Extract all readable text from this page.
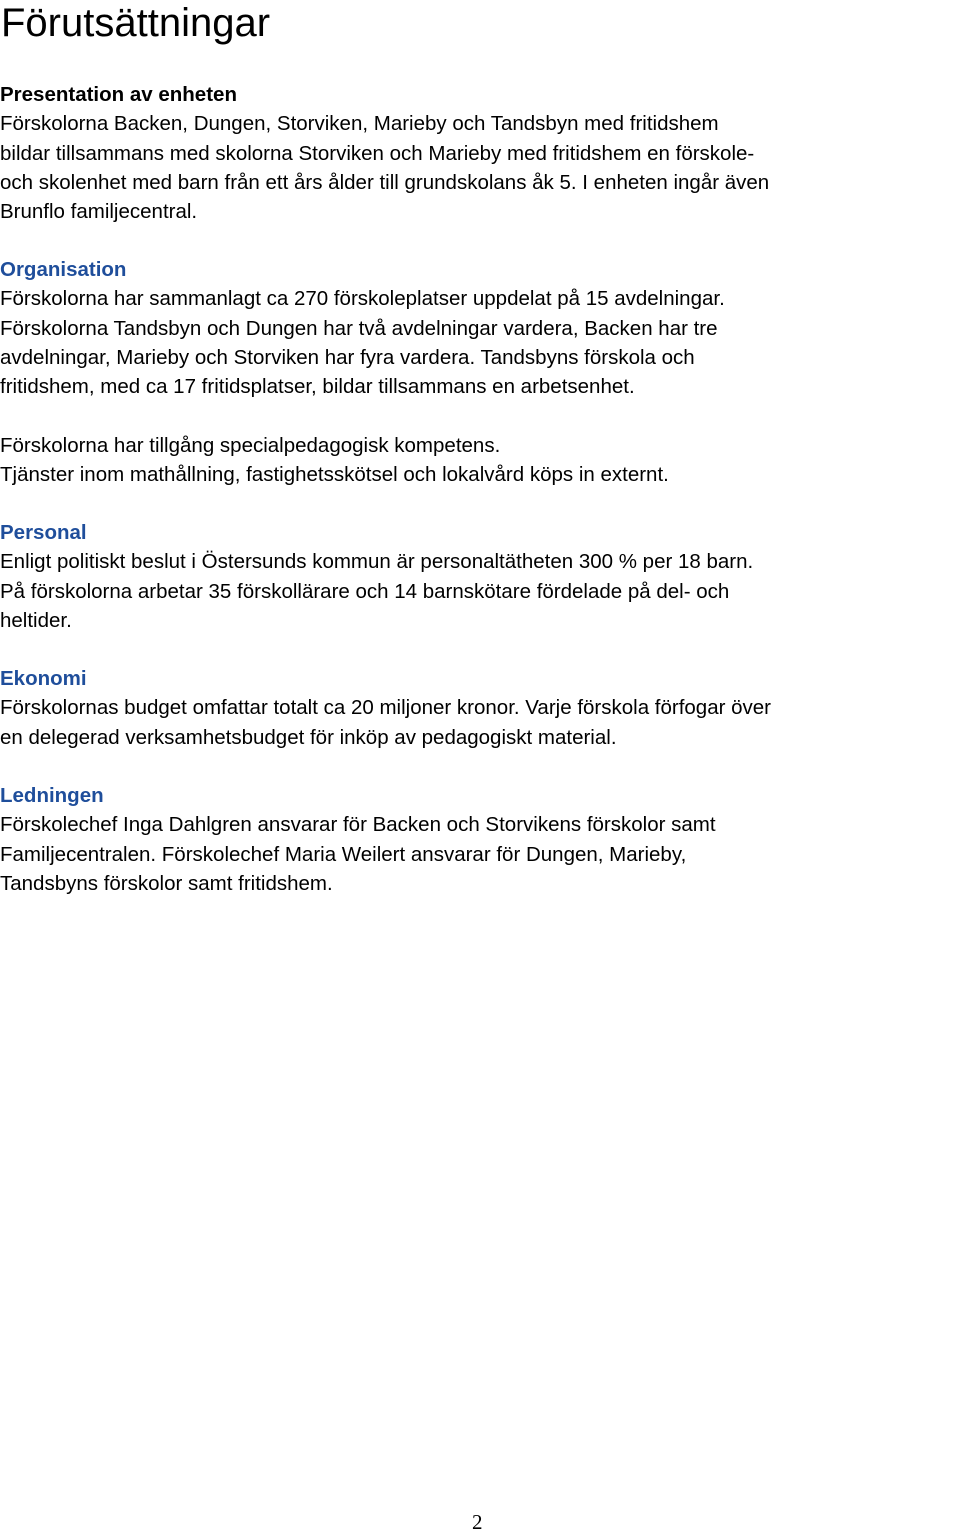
Förutsättningar
Presentation av enheten
Förskolorna Backen, Dungen, Storviken, Marieby och Tandsbyn med fritidshem
bildar tillsammans med skolorna Storviken och Marieby med fritidshem en förskole-
och skolenhet med barn från ett års ålder till grundskolans åk 5. I enheten ingår även
Brunflo familjecentral.
Organisation
Förskolorna har sammanlagt ca 270 förskoleplatser uppdelat på 15 avdelningar.
Förskolorna Tandsbyn och Dungen har två avdelningar vardera, Backen har tre
avdelningar, Marieby och Storviken har fyra vardera. Tandsbyns förskola och
fritidshem, med ca 17 fritidsplatser, bildar tillsammans en arbetsenhet.
Förskolorna har tillgång specialpedagogisk kompetens.
Tjänster inom mathållning, fastighetsskötsel och lokalvård köps in externt.
Personal
Enligt politiskt beslut i Östersunds kommun är personaltätheten 300 % per 18 barn.
På förskolorna arbetar 35 förskollärare och 14 barnskötare fördelade på del- och
heltider.
Ekonomi
Förskolornas budget omfattar totalt ca 20 miljoner kronor. Varje förskola förfogar över
en delegerad verksamhetsbudget för inköp av pedagogiskt material.
Ledningen
Förskolechef Inga Dahlgren ansvarar för Backen och Storvikens förskolor samt
Familjecentralen. Förskolechef Maria Weilert ansvarar för Dungen, Marieby,
Tandsbyns förskolor samt fritidshem.
2
